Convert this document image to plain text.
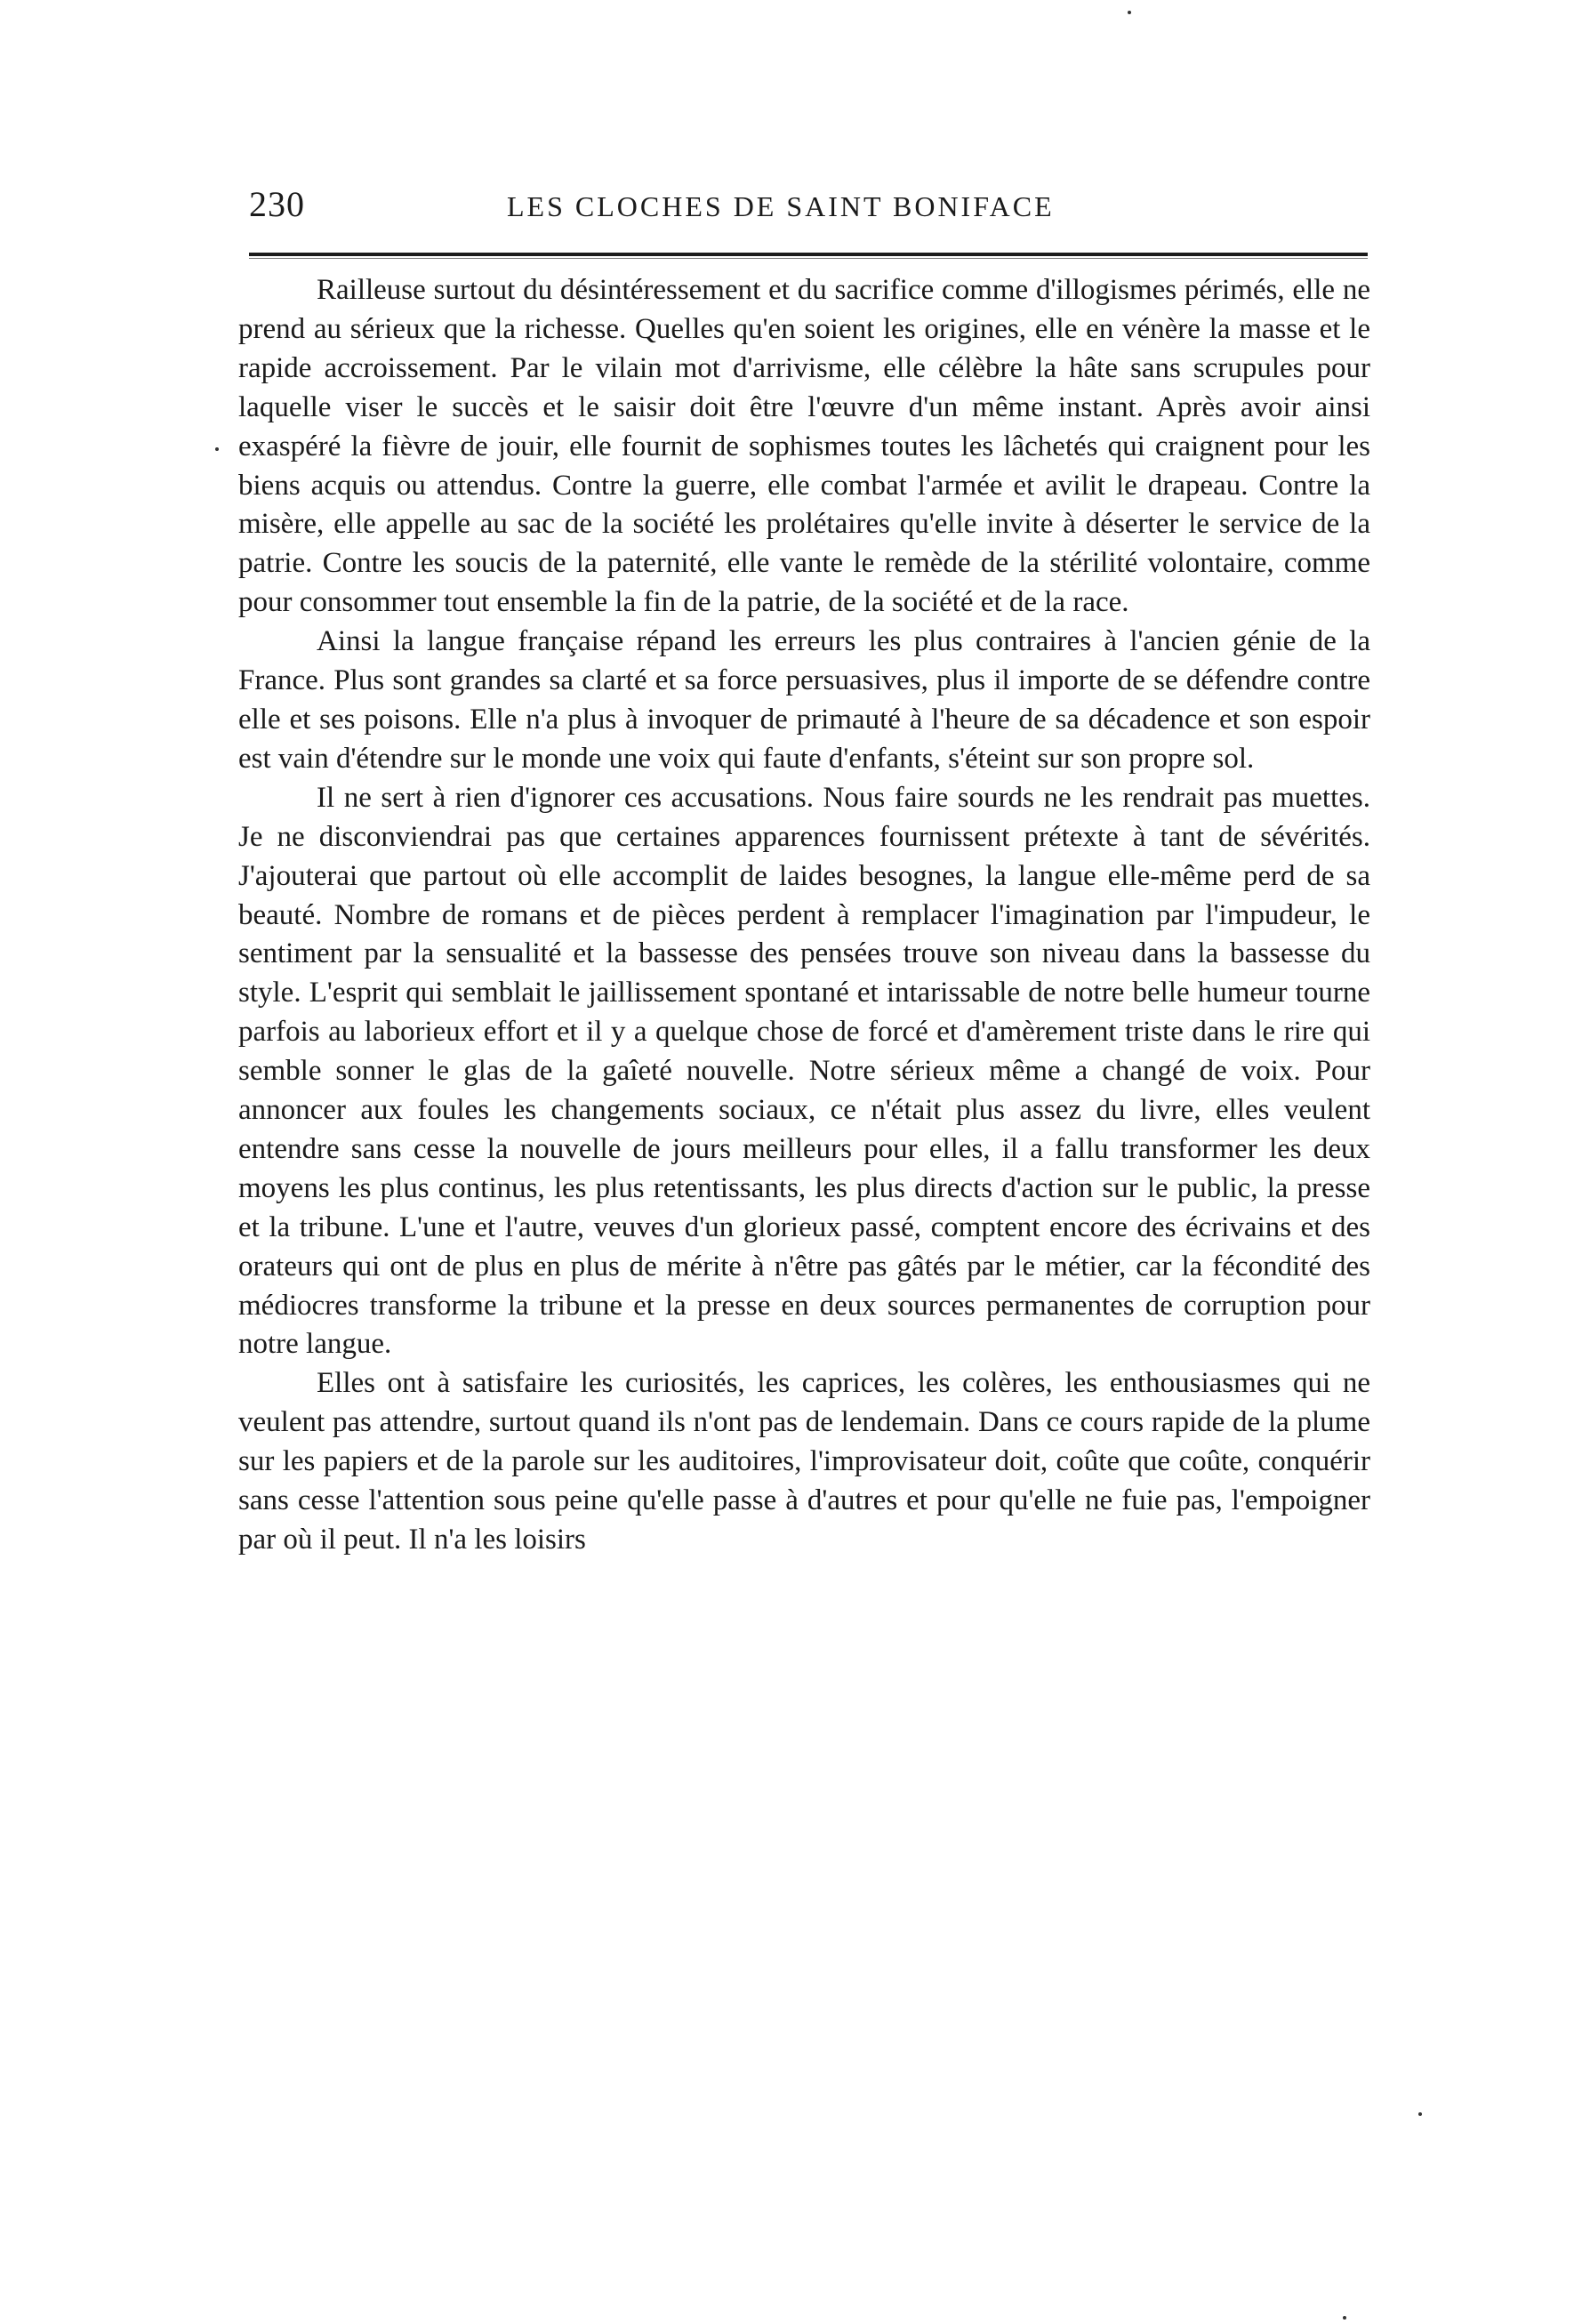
230	LES CLOCHES DE SAINT BONIFACE

Railleuse surtout du désintéressement et du sacrifice comme d'illogismes périmés, elle ne prend au sérieux que la richesse. Quelles qu'en soient les origines, elle en vénère la masse et le rapide accroissement. Par le vilain mot d'arrivisme, elle célèbre la hâte sans scrupules pour laquelle viser le succès et le saisir doit être l'œuvre d'un même instant. Après avoir ainsi exaspéré la fièvre de jouir, elle fournit de sophismes toutes les lâchetés qui craignent pour les biens acquis ou attendus. Contre la guerre, elle combat l'armée et avilit le drapeau. Contre la misère, elle appelle au sac de la société les prolétaires qu'elle invite à déserter le service de la patrie. Contre les soucis de la paternité, elle vante le remède de la stérilité volontaire, comme pour consommer tout ensemble la fin de la patrie, de la société et de la race.

Ainsi la langue française répand les erreurs les plus contraires à l'ancien génie de la France. Plus sont grandes sa clarté et sa force persuasives, plus il importe de se défendre contre elle et ses poisons. Elle n'a plus à invoquer de primauté à l'heure de sa décadence et son espoir est vain d'étendre sur le monde une voix qui faute d'enfants, s'éteint sur son propre sol.

Il ne sert à rien d'ignorer ces accusations. Nous faire sourds ne les rendrait pas muettes. Je ne disconviendrai pas que certaines apparences fournissent prétexte à tant de sévérités. J'ajouterai que partout où elle accomplit de laides besognes, la langue elle-même perd de sa beauté. Nombre de romans et de pièces perdent à remplacer l'imagination par l'impudeur, le sentiment par la sensualité et la bassesse des pensées trouve son niveau dans la bassesse du style. L'esprit qui semblait le jaillissement spontané et intarissable de notre belle humeur tourne parfois au laborieux effort et il y a quelque chose de forcé et d'amèrement triste dans le rire qui semble sonner le glas de la gaîeté nouvelle. Notre sérieux même a changé de voix. Pour annoncer aux foules les changements sociaux, ce n'était plus assez du livre, elles veulent entendre sans cesse la nouvelle de jours meilleurs pour elles, il a fallu transformer les deux moyens les plus continus, les plus retentissants, les plus directs d'action sur le public, la presse et la tribune. L'une et l'autre, veuves d'un glorieux passé, comptent encore des écrivains et des orateurs qui ont de plus en plus de mérite à n'être pas gâtés par le métier, car la fécondité des médiocres transforme la tribune et la presse en deux sources permanentes de corruption pour notre langue.

Elles ont à satisfaire les curiosités, les caprices, les colères, les enthousiasmes qui ne veulent pas attendre, surtout quand ils n'ont pas de lendemain. Dans ce cours rapide de la plume sur les papiers et de la parole sur les auditoires, l'improvisateur doit, coûte que coûte, conquérir sans cesse l'attention sous peine qu'elle passe à d'autres et pour qu'elle ne fuie pas, l'empoigner par où il peut. Il n'a les loisirs
